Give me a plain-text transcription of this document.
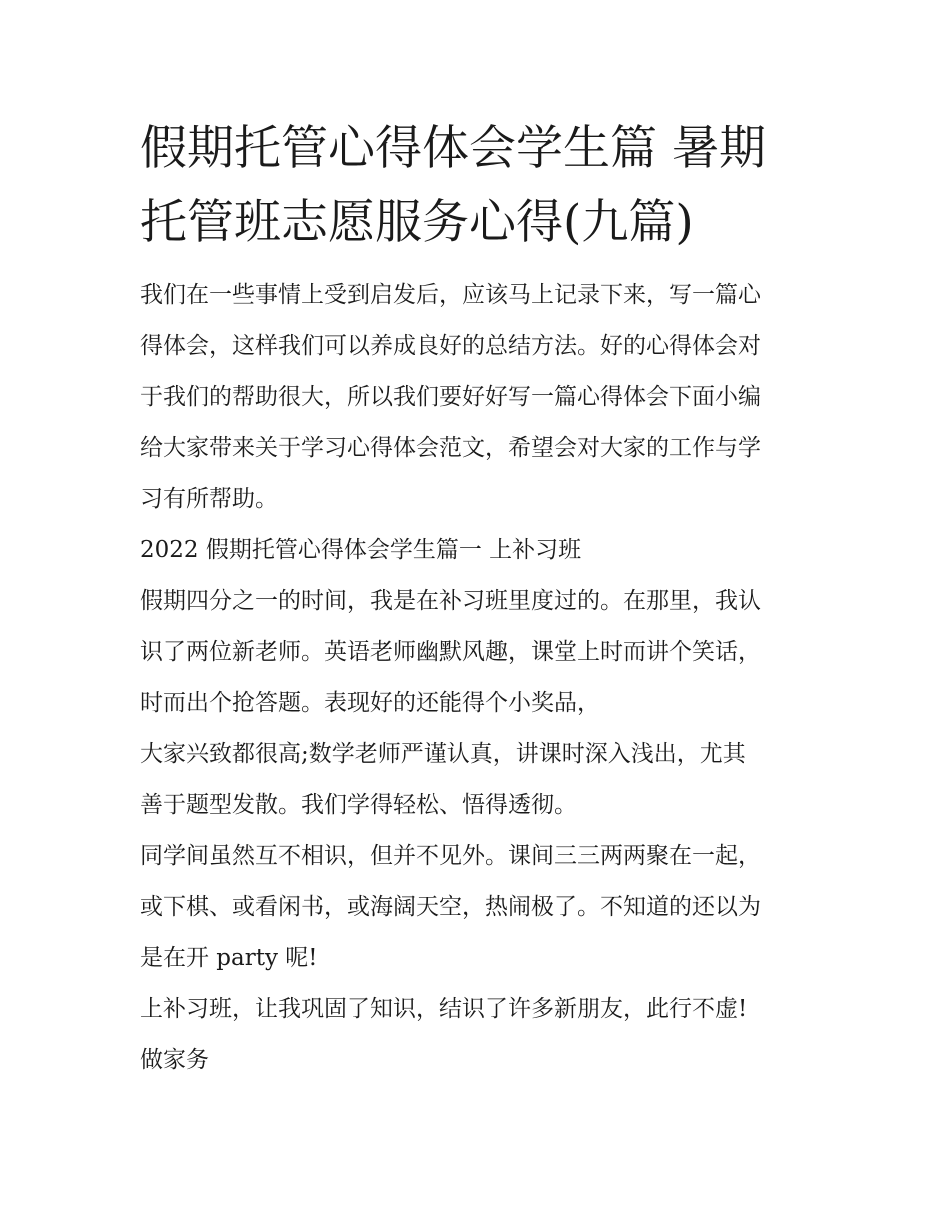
假期托管心得体会学生篇 暑期
托管班志愿服务心得(九篇)

我们在一些事情上受到启发后，应该马上记录下来，写一篇心

得体会，这样我们可以养成良好的总结方法。好的心得体会对

于我们的帮助很大，所以我们要好好写一篇心得体会下面小编

给大家带来关于学习心得体会范文，希望会对大家的工作与学

习有所帮助。

2022 假期托管心得体会学生篇一 上补习班

假期四分之一的时间，我是在补习班里度过的。在那里，我认

识了两位新老师。英语老师幽默风趣，课堂上时而讲个笑话，

时而出个抢答题。表现好的还能得个小奖品，

大家兴致都很高;数学老师严谨认真，讲课时深入浅出，尤其

善于题型发散。我们学得轻松、悟得透彻。

同学间虽然互不相识，但并不见外。课间三三两两聚在一起，

或下棋、或看闲书，或海阔天空，热闹极了。不知道的还以为

是在开 party 呢!

上补习班，让我巩固了知识，结识了许多新朋友，此行不虚!

做家务
